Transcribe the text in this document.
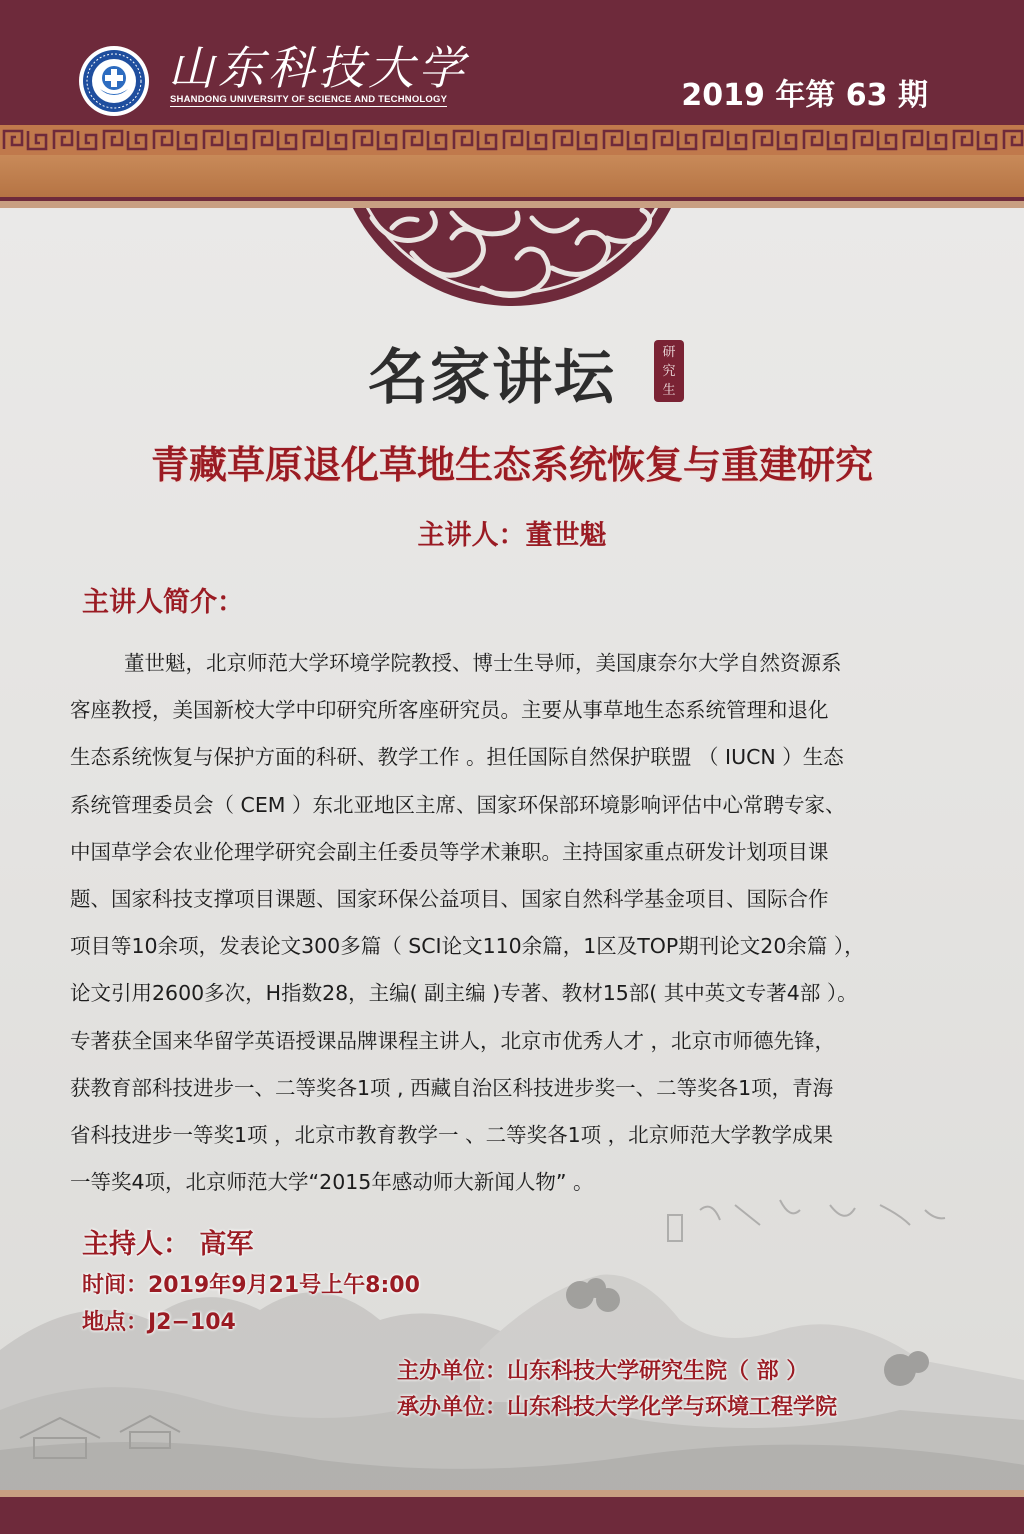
山东科技大学
SHANDONG UNIVERSITY OF SCIENCE AND TECHNOLOGY	2019 年第 63 期
名家讲坛	研
究
生
青藏草原退化草地生态系统恢复与重建研究
主讲人：董世魁
主讲人简介：
董世魁，北京师范大学环境学院教授、博士生导师，美国康奈尔大学自然资源系
客座教授，美国新校大学中印研究所客座研究员。主要从事草地生态系统管理和退化
生态系统恢复与保护方面的科研、教学工作 。担任国际自然保护联盟 （ IUCN ）生态
系统管理委员会（ CEM ）东北亚地区主席、国家环保部环境影响评估中心常聘专家、
中国草学会农业伦理学研究会副主任委员等学术兼职。主持国家重点研发计划项目课
题、国家科技支撑项目课题、国家环保公益项目、国家自然科学基金项目、国际合作
项目等10余项，发表论文300多篇（ SCI论文110余篇，1区及TOP期刊论文20余篇 ），
论文引用2600多次，H指数28，主编( 副主编 )专著、教材15部( 其中英文专著4部 ）。
专著获全国来华留学英语授课品牌课程主讲人，北京市优秀人才 ，北京市师德先锋，
获教育部科技进步一、二等奖各1项 , 西藏自治区科技进步奖一、二等奖各1项，青海
省科技进步一等奖1项 ，北京市教育教学一 、二等奖各1项 ，北京师范大学教学成果
一等奖4项，北京师范大学“2015年感动师大新闻人物” 。
主持人： 高军
时间：2019年9月21号上午8:00
地点：J2−104
主办单位：山东科技大学研究生院（ 部 ）
承办单位：山东科技大学化学与环境工程学院
